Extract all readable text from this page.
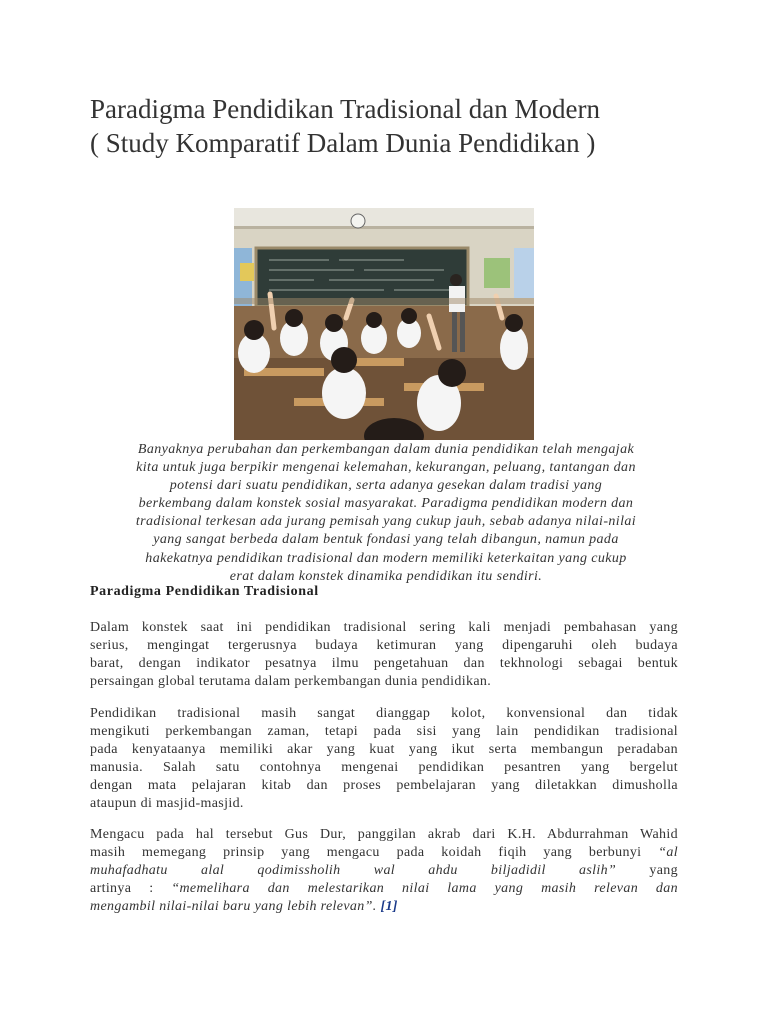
Paradigma Pendidikan Tradisional dan Modern
( Study Komparatif Dalam Dunia Pendidikan )

Banyaknya perubahan dan perkembangan dalam dunia pendidikan telah mengajak
kita untuk juga berpikir mengenai kelemahan, kekurangan, peluang, tantangan dan
potensi dari suatu pendidikan, serta adanya gesekan dalam tradisi yang
berkembang dalam konstek sosial masyarakat. Paradigma pendidikan modern dan
tradisional terkesan ada jurang pemisah yang cukup jauh, sebab adanya nilai-nilai
yang sangat berbeda dalam bentuk fondasi yang telah dibangun, namun pada
hakekatnya pendidikan tradisional dan modern memiliki keterkaitan yang cukup
erat dalam konstek dinamika pendidikan itu sendiri.

Paradigma Pendidikan Tradisional

Dalam konstek saat ini pendidikan tradisional sering kali menjadi pembahasan yang
serius, mengingat tergerusnya budaya ketimuran yang dipengaruhi oleh budaya
barat, dengan indikator pesatnya ilmu pengetahuan dan tekhnologi sebagai bentuk
persaingan global terutama dalam perkembangan dunia pendidikan.

Pendidikan tradisional masih sangat dianggap kolot, konvensional dan tidak
mengikuti perkembangan zaman, tetapi pada sisi yang lain pendidikan tradisional
pada kenyataanya memiliki akar yang kuat yang ikut serta membangun peradaban
manusia. Salah satu contohnya mengenai pendidikan pesantren yang bergelut
dengan mata pelajaran kitab dan proses pembelajaran yang diletakkan dimusholla
ataupun di masjid-masjid.

Mengacu pada hal tersebut Gus Dur, panggilan akrab dari K.H. Abdurrahman Wahid
masih memegang prinsip yang mengacu pada koidah fiqih yang berbunyi “al
muhafadhatu alal qodimissholih wal ahdu biljadidil aslih” yang
artinya : “memelihara dan melestarikan nilai lama yang masih relevan dan
mengambil nilai-nilai baru yang lebih relevan”. [1]
